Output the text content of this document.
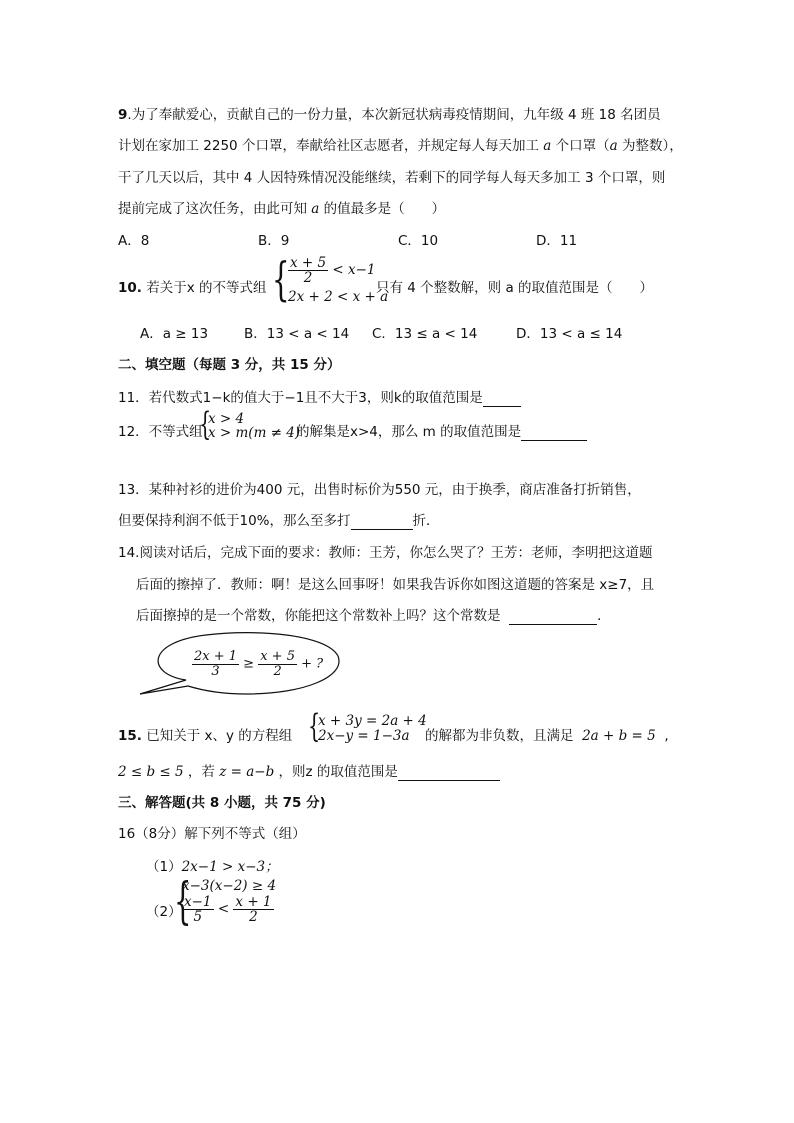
9.为了奉献爱心，贡献自己的一份力量，本次新冠状病毒疫情期间，九年级 4 班 18 名团员
计划在家加工 2250 个口罩，奉献给社区志愿者，并规定每人每天加工 a 个口罩（a 为整数），
干了几天以后，其中 4 人因特殊情况没能继续，若剩下的同学每人每天多加工 3 个口罩，则
提前完成了这次任务，由此可知 a 的值最多是（　　）
A．8	B．9	C．10	D．11
10. 若关于x 的不等式组 {
$\frac{x + 5}{2} < x-1$
2x + 2 < x + a
只有 4 个整数解，则 a 的取值范围是（　　）
A．a ≥ 13	B．13 < a < 14 C．13 ≤ a < 14	D．13 < a ≤ 14
二、填空题（每题 3 分，共 15 分）
11．若代数式1−k的值大于−1且不大于3，则k的取值范围是
12．不等式组
{
x > 4
x > m(m ≠ 4)
的解集是x>4，那么 m 的取值范围是
13．某种衬衫的进价为400 元，出售时标价为550 元，由于换季，商店准备打折销售，
但要保持利润不低于10%，那么至多打	折．
14.阅读对话后，完成下面的要求：教师：王芳，你怎么哭了？王芳：老师，李明把这道题
后面的擦掉了．教师：啊！是这么回事呀！如果我告诉你如图这道题的答案是 x≥7，且
后面擦掉的是一个常数，你能把这个常数补上吗？这个常数是	．
$\frac{2x + 1}{3} \ge \frac{x + 5}{2}$ + ?
15. 已知关于 x、y 的方程组 {
x + 3y = 2a + 4
2x−y = 1−3a 的解都为非负数，且满足 2a + b = 5  ,
2 ≤ b ≤ 5 ，若 z = a−b ，则z 的取值范围是
三、解答题(共 8 小题，共 75 分)
16（8分）解下列不等式（组）
（1）2x−1 > x−3；
（2）
{
x−3(x−2) ≥ 4
$\frac{x-1}{5} < \frac{x + 1}{2}$
